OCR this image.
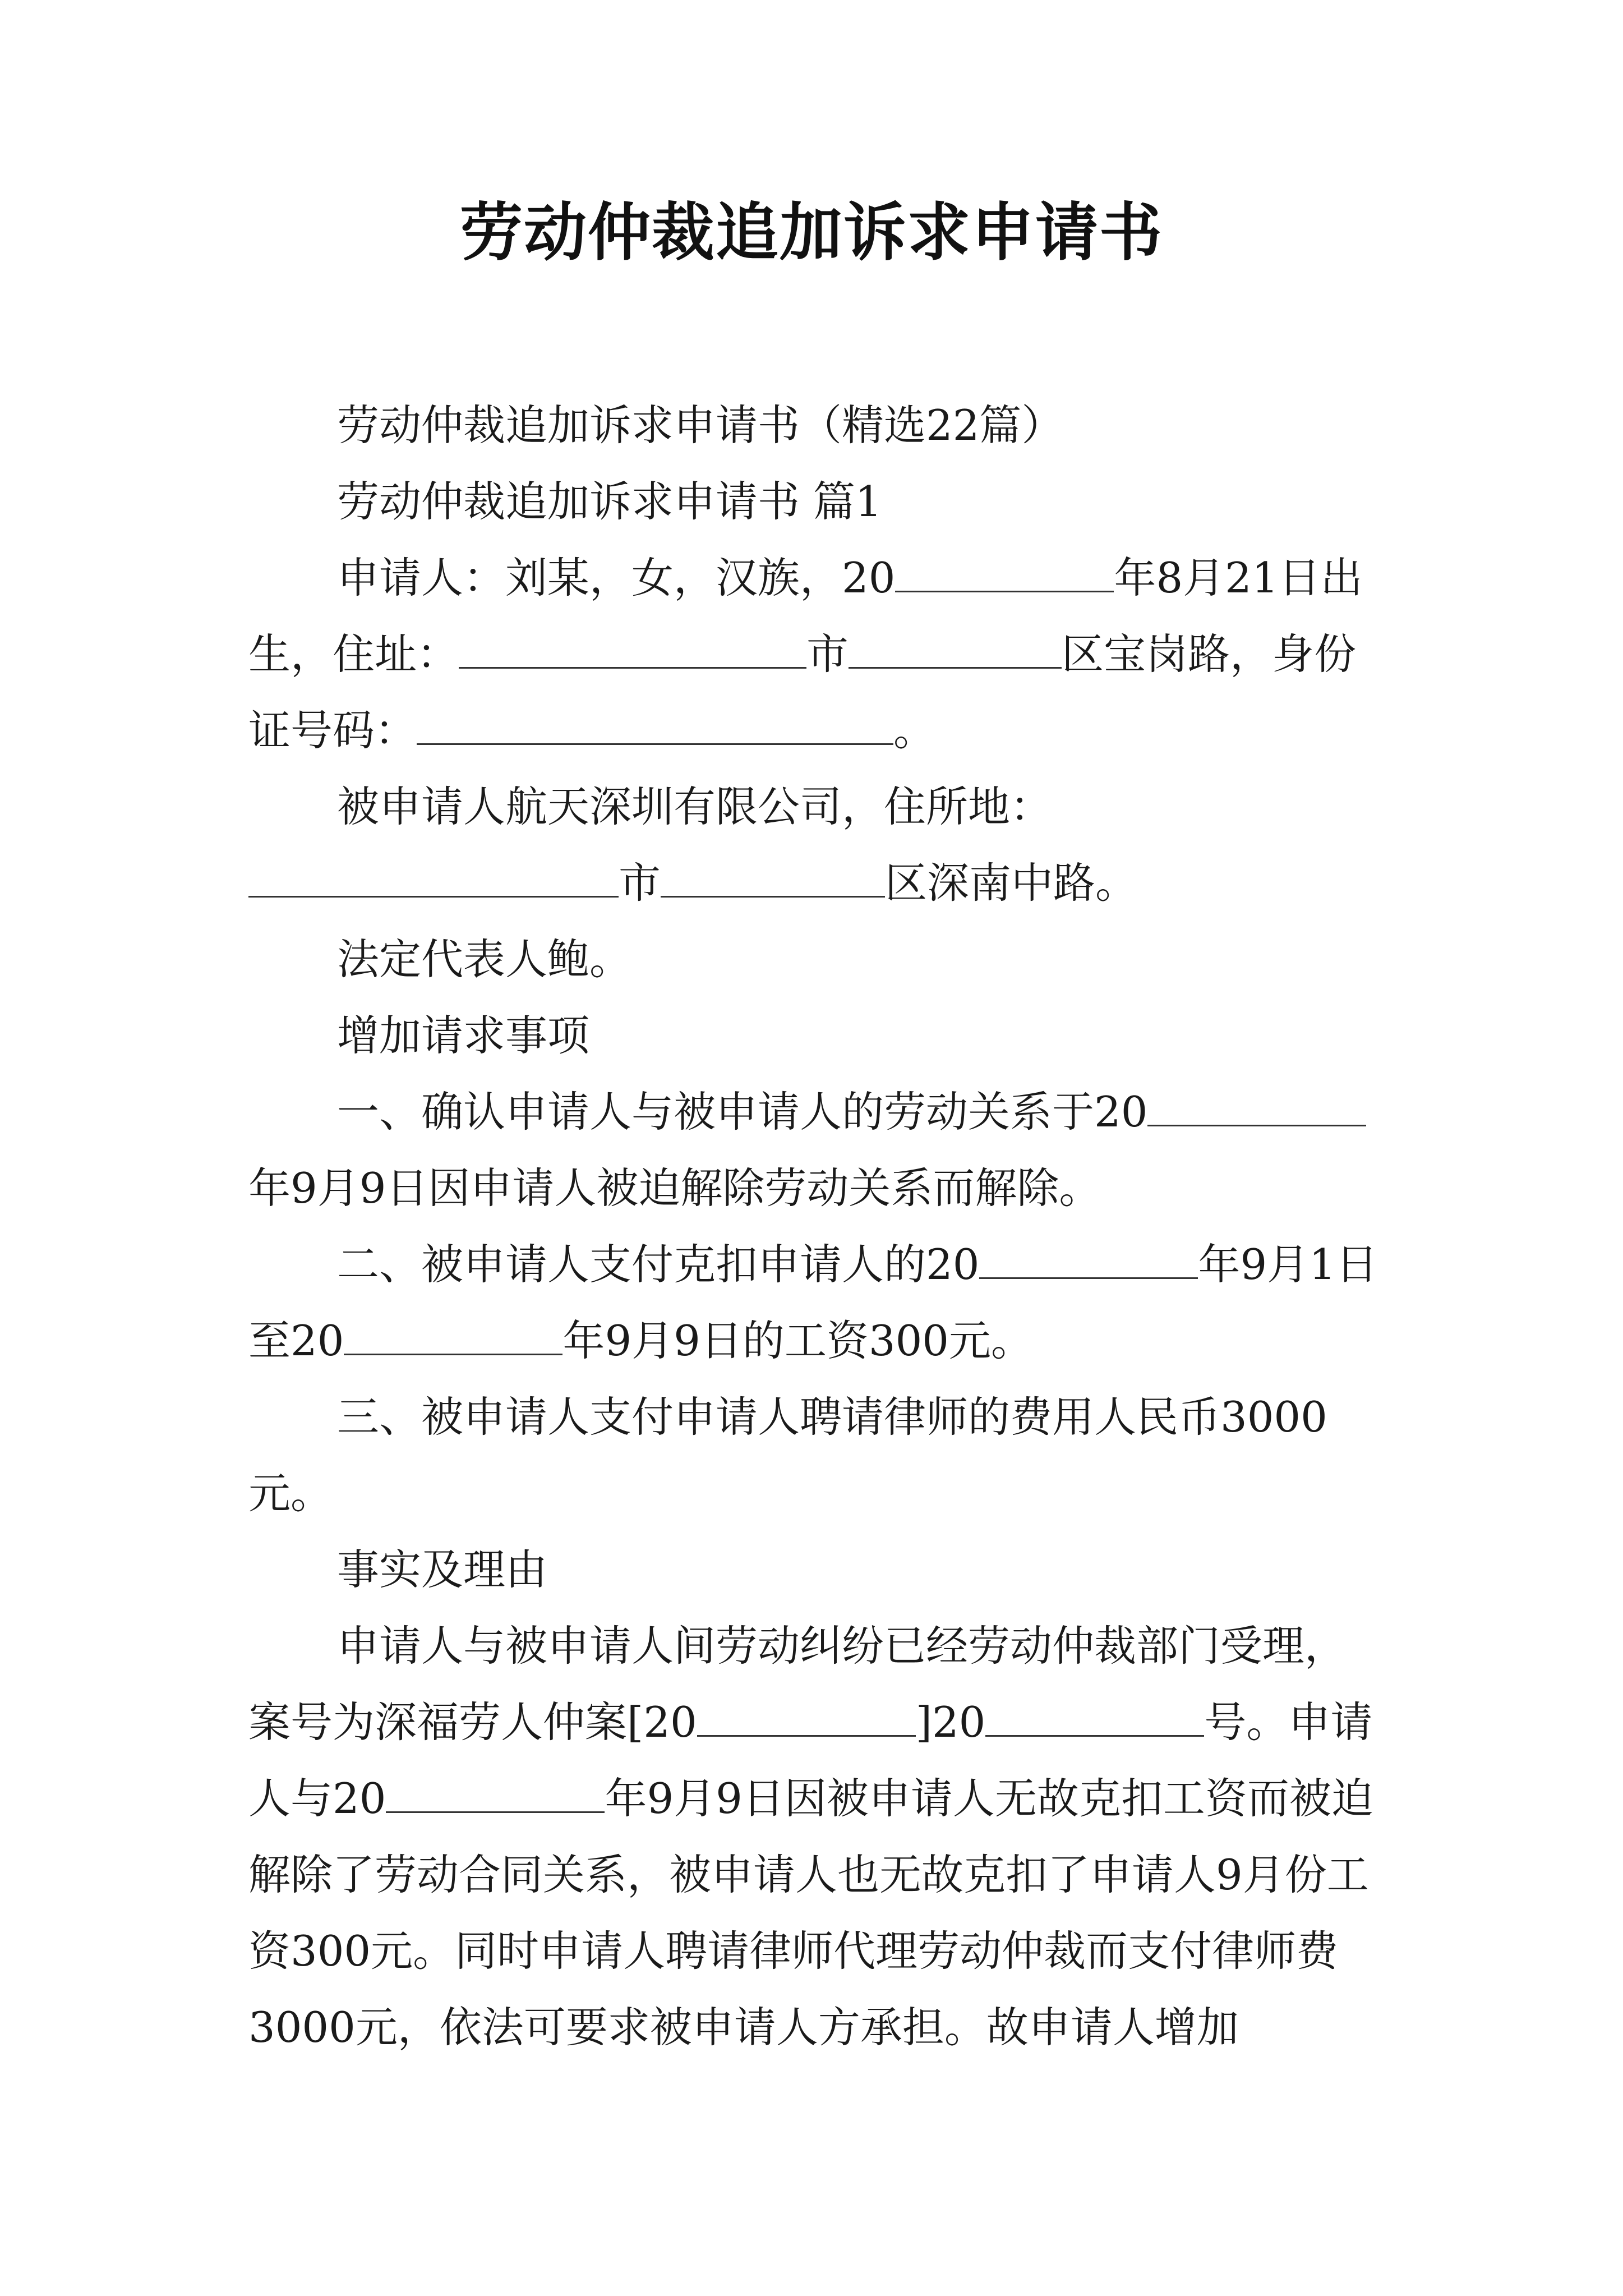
劳动仲裁追加诉求申请书

劳动仲裁追加诉求申请书（精选22篇）

劳动仲裁追加诉求申请书 篇1

申请人：刘某，女，汉族，20	年8月21日出生，住址：	市	区宝岗路，身份证号码：	。

被申请人航天深圳有限公司，住所地：市	区深南中路。

法定代表人鲍。

增加请求事项

一、确认申请人与被申请人的劳动关系于20年9月9日因申请人被迫解除劳动关系而解除。

二、被申请人支付克扣申请人的20	年9月1日至20	年9月9日的工资300元。

三、被申请人支付申请人聘请律师的费用人民币3000元。

事实及理由

申请人与被申请人间劳动纠纷已经劳动仲裁部门受理，案号为深福劳人仲案[20	]20	号。申请人与20	年9月9日因被申请人无故克扣工资而被迫解除了劳动合同关系，被申请人也无故克扣了申请人9月份工资300元。同时申请人聘请律师代理劳动仲裁而支付律师费3000元，依法可要求被申请人方承担。故申请人增加
